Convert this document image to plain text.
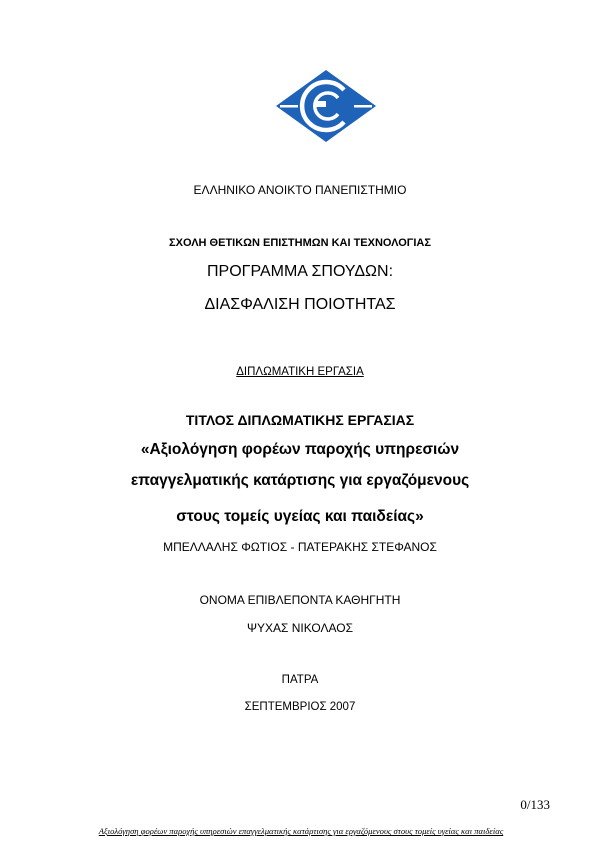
ΕΛΛΗΝΙΚΟ ΑΝΟΙΚΤΟ ΠΑΝΕΠΙΣΤΗΜΙΟ
ΣΧΟΛΗ ΘΕΤΙΚΩΝ ΕΠΙΣΤΗΜΩΝ ΚΑΙ ΤΕΧΝΟΛΟΓΙΑΣ
ΠΡΟΓΡΑΜΜΑ ΣΠΟΥΔΩΝ:
ΔΙΑΣΦΑΛΙΣΗ ΠΟΙΟΤΗΤΑΣ
ΔΙΠΛΩΜΑΤΙΚΗ ΕΡΓΑΣΙΑ
ΤΙΤΛΟΣ ΔΙΠΛΩΜΑΤΙΚΗΣ ΕΡΓΑΣΙΑΣ
«Αξιολόγηση φορέων παροχής υπηρεσιών
επαγγελματικής κατάρτισης για εργαζόμενους
στους τομείς υγείας και παιδείας»
ΜΠΕΛΛΑΛΗΣ ΦΩΤΙΟΣ - ΠΑΤΕΡΑΚΗΣ ΣΤΕΦΑΝΟΣ
ΟΝΟΜΑ ΕΠΙΒΛΕΠΟΝΤΑ ΚΑΘΗΓΗΤΗ
ΨΥΧΑΣ ΝΙΚΟΛΑΟΣ
ΠΑΤΡΑ
ΣΕΠΤΕΜΒΡΙΟΣ 2007
0/133
Αξιολόγηση φορέων παροχής υπηρεσιών επαγγελματικής κατάρτισης για εργαζόμενους στους τομείς υγείας και παιδείας
